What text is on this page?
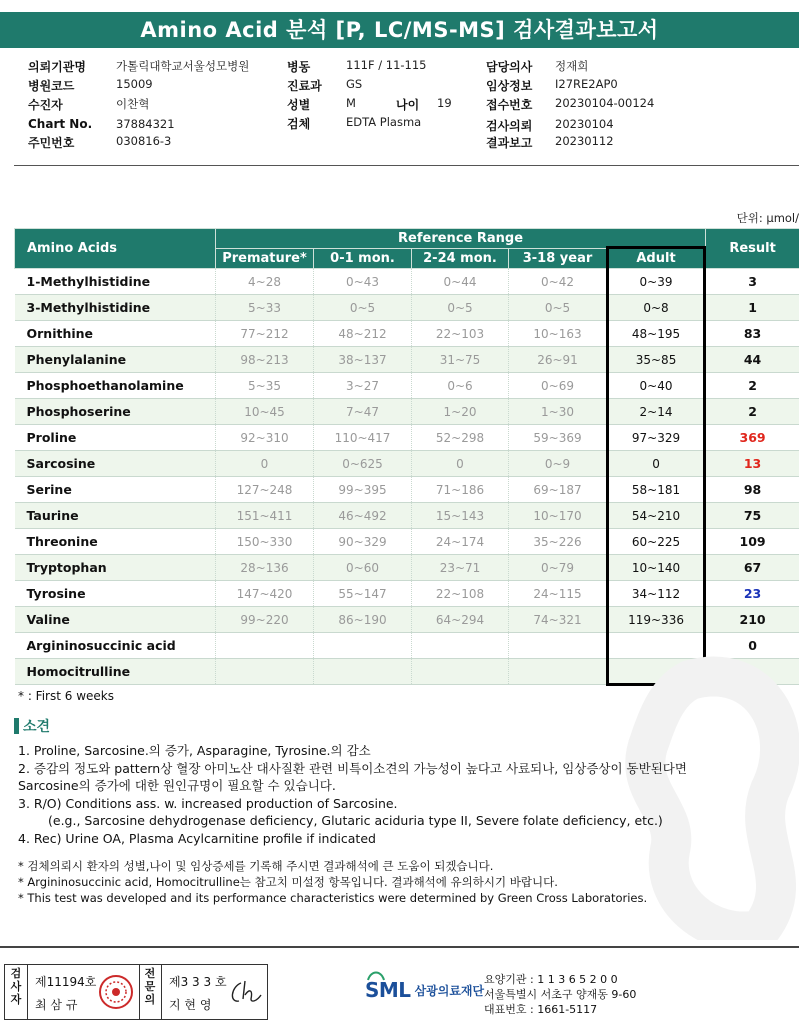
Amino Acid 분석 [P, LC/MS-MS] 검사결과보고서
의뢰기관명	가톨릭대학교서울성모병원
병원코드	15009
수진자	이찬혁
Chart No. 37884321
주민번호	030816-3
병동	111F / 11-115
진료과 GS
성별	M	나이 19
검체	EDTA Plasma
담당의사 정재희
임상정보 I27RE2AP0
접수번호 20230104-00124
검사의뢰 20230104
결과보고 20230112
단위: μmol/
Amino Acids	Reference Range					Result
	Premature*	0-1 mon.	2-24 mon.	3-18 year	Adult	
1-Methylhistidine	4~28	0~43	0~44	0~42	0~39	3
3-Methylhistidine	5~33	0~5	0~5	0~5	0~8	1
Ornithine	77~212	48~212	22~103	10~163	48~195	83
Phenylalanine	98~213	38~137	31~75	26~91	35~85	44
Phosphoethanolamine	5~35	3~27	0~6	0~69	0~40	2
Phosphoserine	10~45	7~47	1~20	1~30	2~14	2
Proline	92~310	110~417	52~298	59~369	97~329	369
Sarcosine	0	0~625	0	0~9	0	13
Serine	127~248	99~395	71~186	69~187	58~181	98
Taurine	151~411	46~492	15~143	10~170	54~210	75
Threonine	150~330	90~329	24~174	35~226	60~225	109
Tryptophan	28~136	0~60	23~71	0~79	10~140	67
Tyrosine	147~420	55~147	22~108	24~115	34~112	23
Valine	99~220	86~190	64~294	74~321	119~336	210
Argininosuccinic acid						0
Homocitrulline						0
* : First 6 weeks
소견
1. Proline, Sarcosine.의 증가, Asparagine, Tyrosine.의 감소
2. 증감의 정도와 pattern상 혈장 아미노산 대사질환 관련 비특이소견의 가능성이 높다고 사료되나, 임상증상이 동반된다면
Sarcosine의 증가에 대한 원인규명이 필요할 수 있습니다.
3. R/O) Conditions ass. w. increased production of Sarcosine.
(e.g., Sarcosine dehydrogenase deficiency, Glutaric aciduria type II, Severe folate deficiency, etc.)
4. Rec) Urine OA, Plasma Acylcarnitine profile if indicated
* 검체의뢰시 환자의 성별,나이 및 임상증세를 기록해 주시면 결과해석에 큰 도움이 되겠습니다.
* Argininosuccinic acid, Homocitrulline는 참고치 미설정 항목입니다. 결과해석에 유의하시기 바랍니다.
* This test was developed and its performance characteristics were determined by Green Cross Laboratories.
검사자
제11194호
최 삼 규
전문의
제3 3 3 호
지 현 영
SML 삼광의료재단
요양기관 : 1 1 3 6 5 2 0 0
서울특별시 서초구 양재동 9-60
대표번호 : 1661-5117
